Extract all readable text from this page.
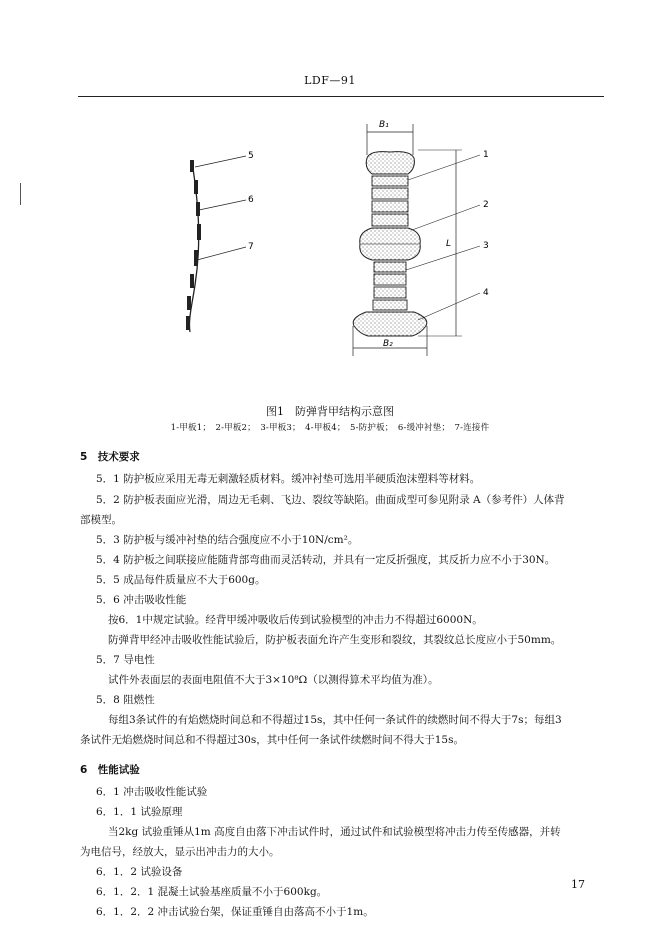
LDF—91
5
6
7
B₁
B₂
L
1
2
3
4
图1　防弹背甲结构示意图
1-甲板1；　2-甲板2；　3-甲板3；　4-甲板4；　5-防护板；　6-缓冲衬垫；　7-连接件
5　技术要求
5．1 防护板应采用无毒无刺激轻质材料。缓冲衬垫可选用半硬质泡沫塑料等材料。
5．2 防护板表面应光滑，周边无毛刺、飞边、裂纹等缺陷。曲面成型可参见附录 A（参考件）人体背
部模型。
5．3 防护板与缓冲衬垫的结合强度应不小于10N/cm²。
5．4 防护板之间联接应能随背部弯曲而灵活转动，并具有一定反折强度，其反折力应不小于30N。
5．5 成品每件质量应不大于600g。
5．6 冲击吸收性能
按6．1中规定试验。经背甲缓冲吸收后传到试验模型的冲击力不得超过6000N。
防弹背甲经冲击吸收性能试验后，防护板表面允许产生变形和裂纹，其裂纹总长度应小于50mm。
5．7 导电性
试件外表面层的表面电阻值不大于3×10⁸Ω（以测得算术平均值为准）。
5．8 阻燃性
每组3条试件的有焰燃烧时间总和不得超过15s，其中任何一条试件的续燃时间不得大于7s；每组3
条试件无焰燃烧时间总和不得超过30s，其中任何一条试件续燃时间不得大于15s。
6　性能试验
6．1 冲击吸收性能试验
6．1．1 试验原理
当2kg 试验重锤从1m 高度自由落下冲击试件时，通过试件和试验模型将冲击力传至传感器，并转
为电信号，经放大，显示出冲击力的大小。
6．1．2 试验设备
6．1．2．1 混凝土试验基座质量不小于600kg。
6．1．2．2 冲击试验台架，保证重锤自由落高不小于1m。
17
